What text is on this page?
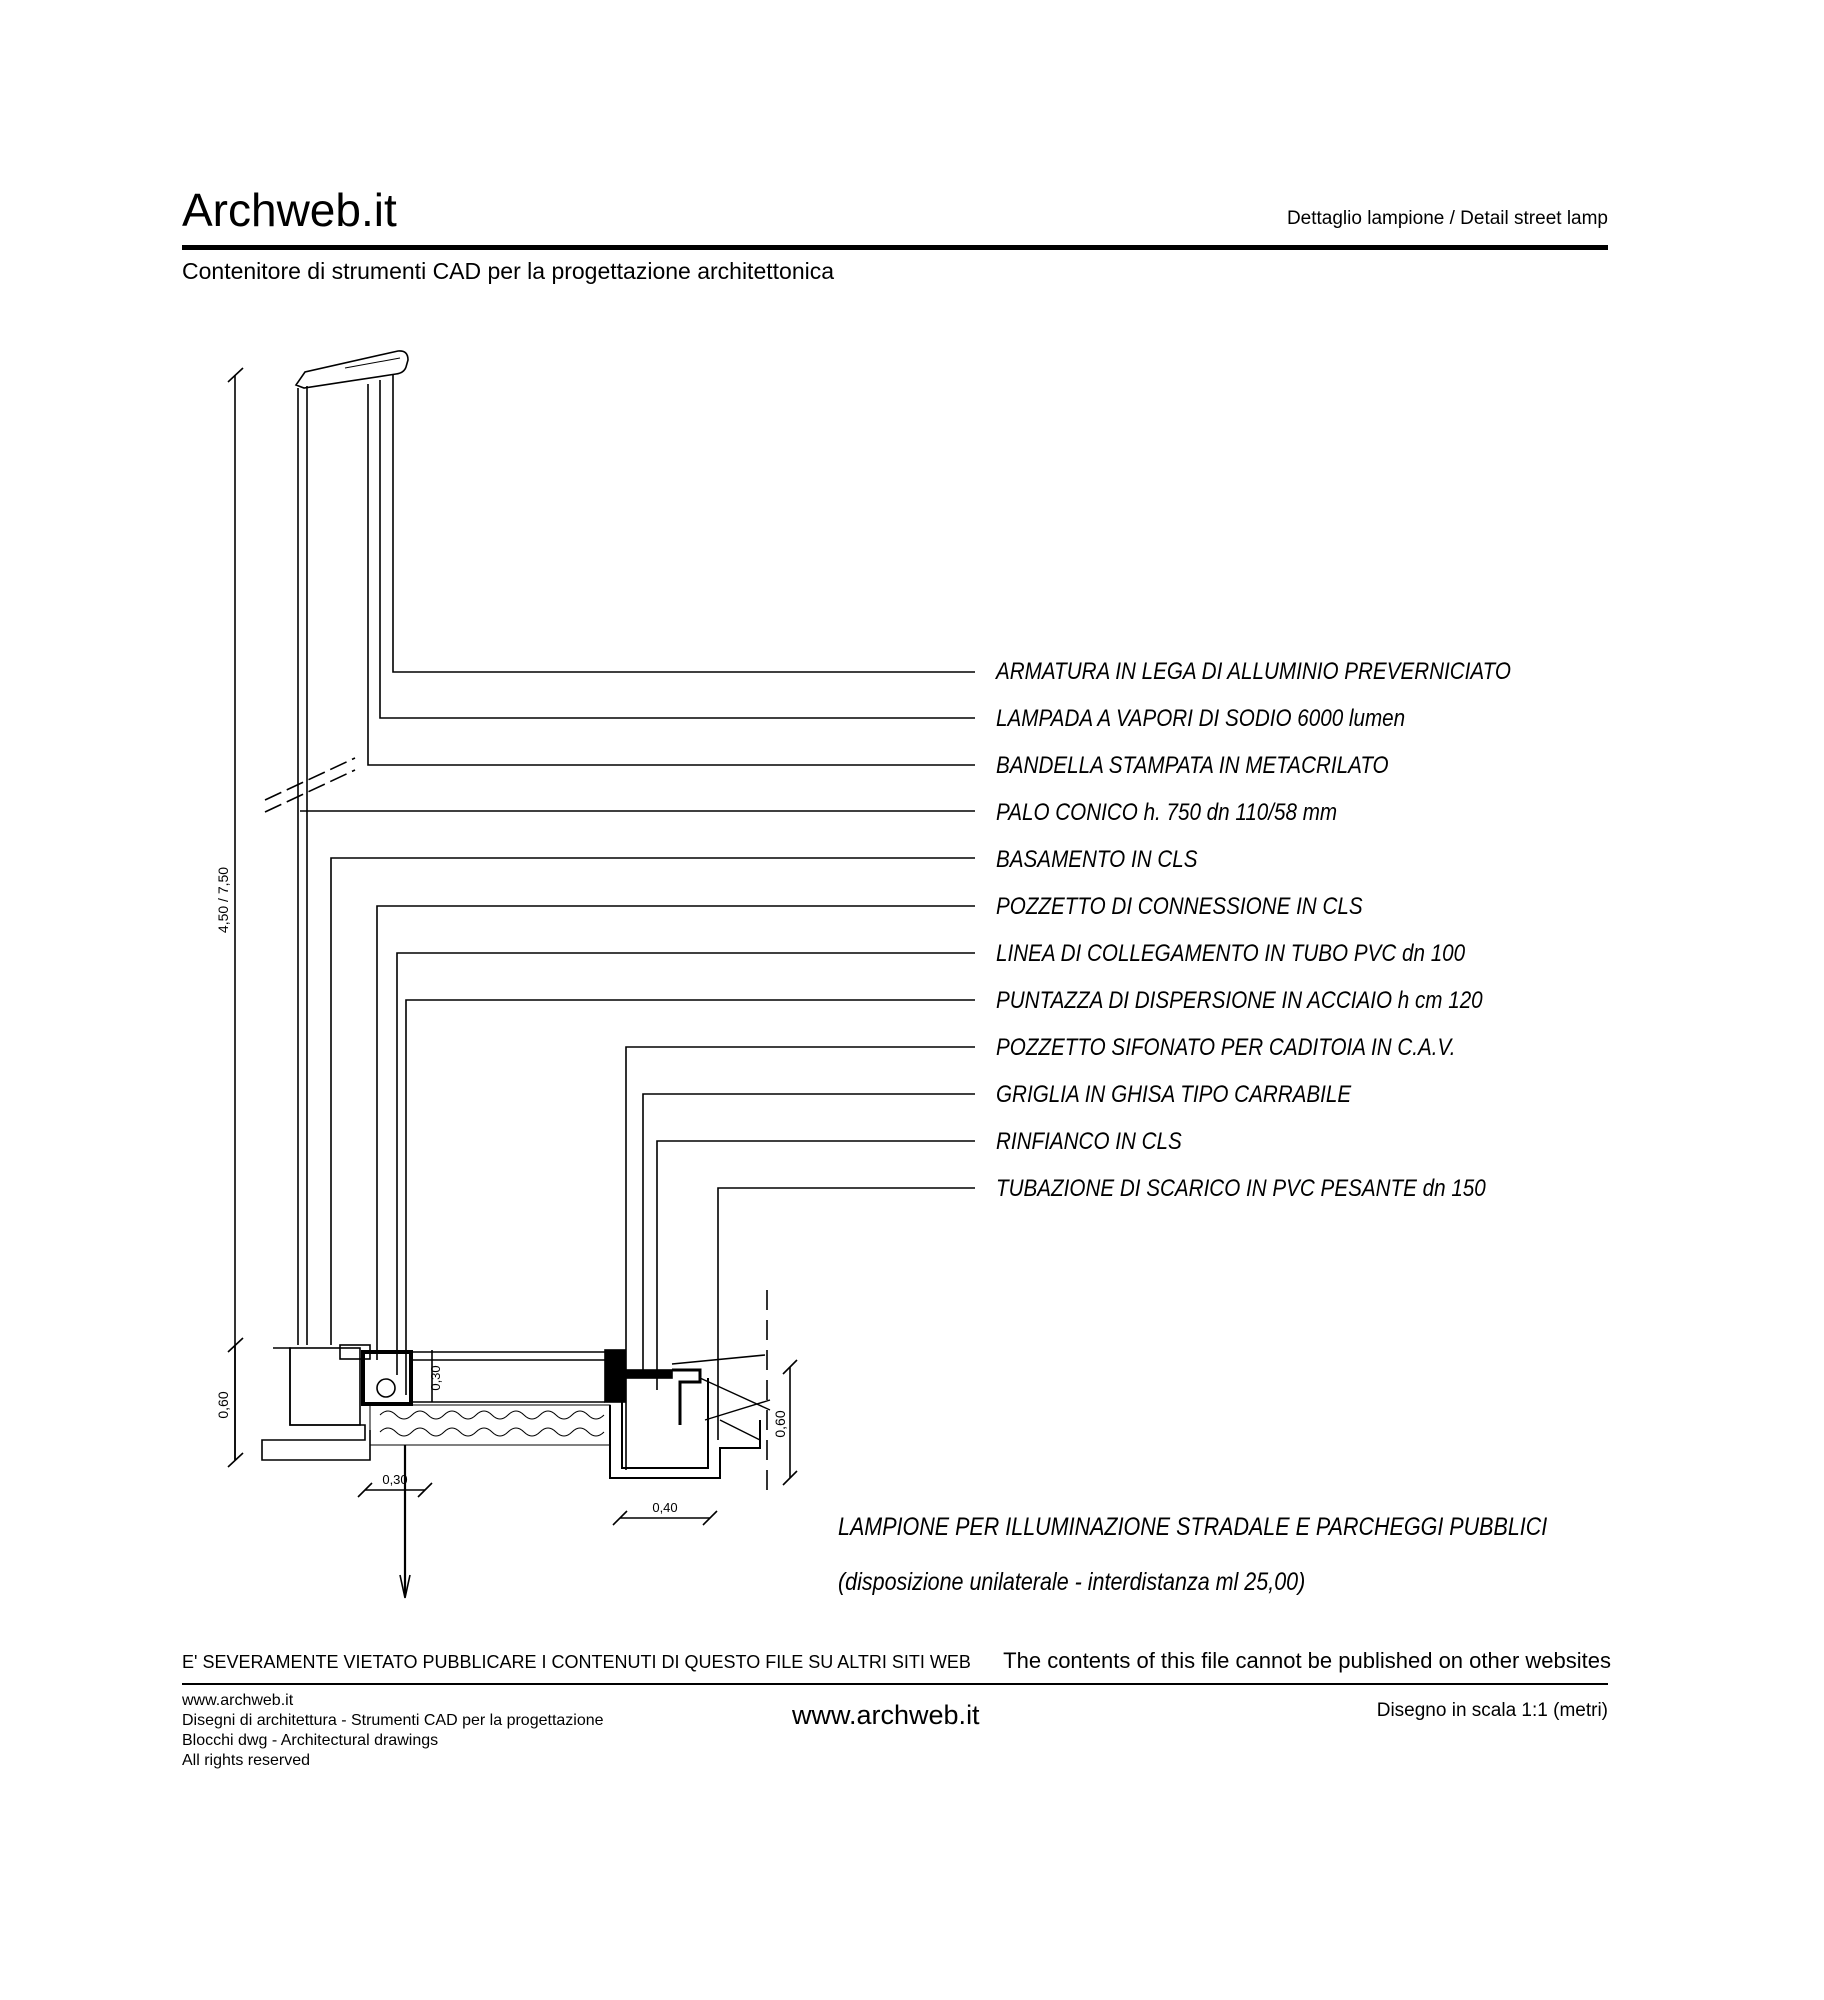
Archweb.it	Dettaglio lampione / Detail street lamp
Contenitore di strumenti CAD per la progettazione architettonica
4,50 / 7,50
0,60
0,60
0,30
0,30
0,40
ARMATURA IN LEGA DI ALLUMINIO PREVERNICIATO
LAMPADA A VAPORI DI SODIO 6000 lumen
BANDELLA STAMPATA IN METACRILATO
PALO CONICO h. 750 dn 110/58 mm
BASAMENTO IN CLS
POZZETTO DI CONNESSIONE IN CLS
LINEA DI COLLEGAMENTO IN TUBO PVC dn 100
PUNTAZZA DI DISPERSIONE IN ACCIAIO h cm 120
POZZETTO SIFONATO PER CADITOIA IN C.A.V.
GRIGLIA IN GHISA TIPO CARRABILE
RINFIANCO IN CLS
TUBAZIONE DI SCARICO IN PVC PESANTE dn 150
LAMPIONE PER ILLUMINAZIONE STRADALE E PARCHEGGI PUBBLICI
(disposizione unilaterale - interdistanza ml 25,00)
E' SEVERAMENTE VIETATO PUBBLICARE I CONTENUTI DI QUESTO FILE SU ALTRI SITI WEB The contents of this file cannot be published on other websites
www.archweb.it
Disegni di architettura - Strumenti CAD per la progettazione
Blocchi dwg - Architectural drawings
All rights reserved
www.archweb.it	Disegno in scala 1:1 (metri)
